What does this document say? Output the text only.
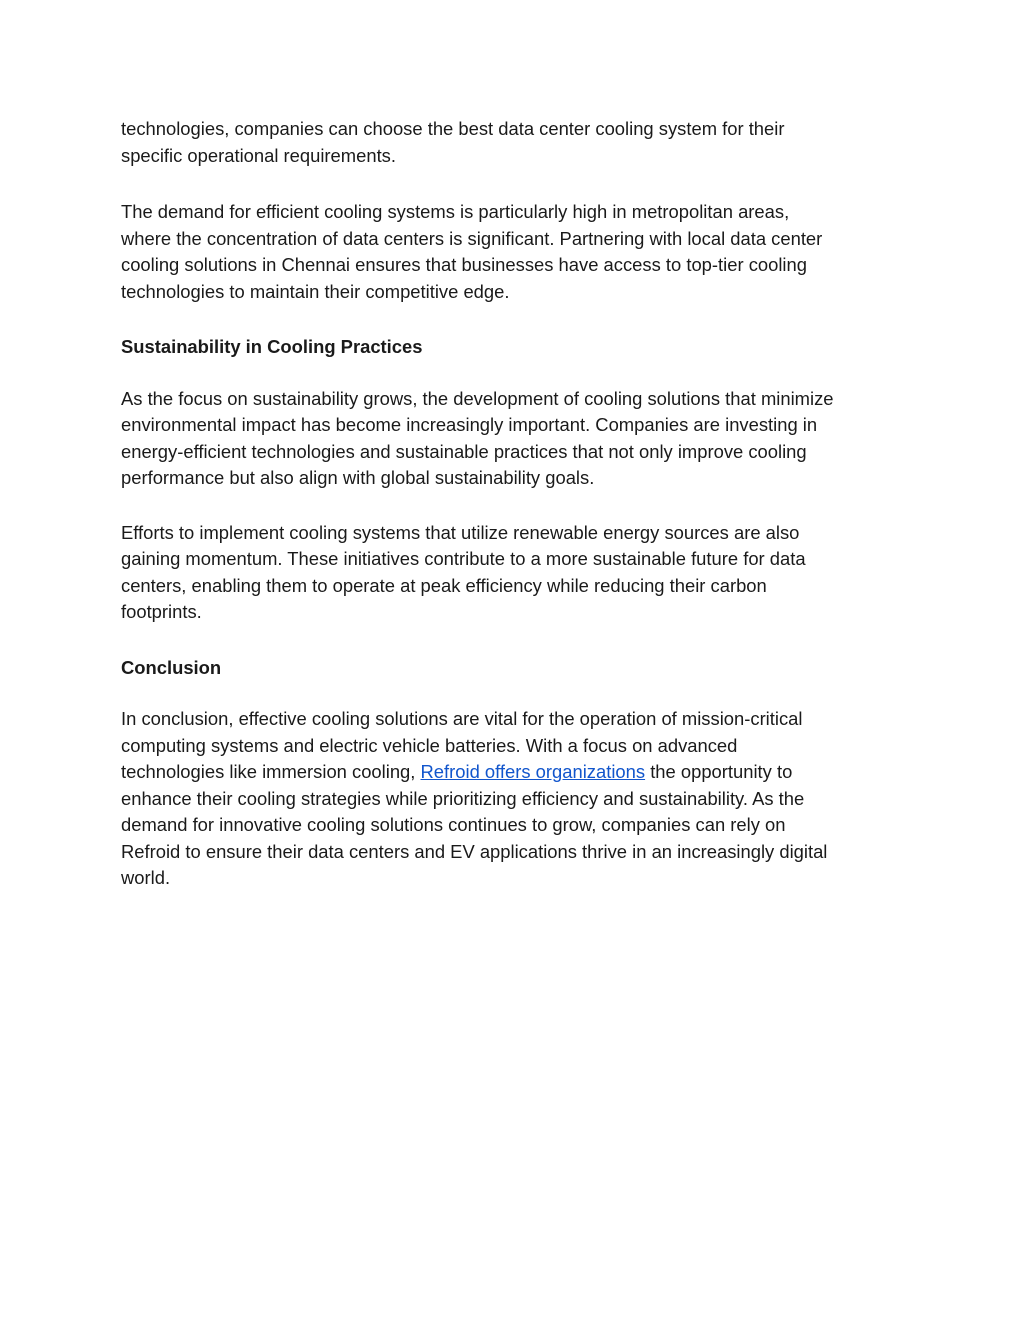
technologies, companies can choose the best data center cooling system for their
specific operational requirements.

The demand for efficient cooling systems is particularly high in metropolitan areas,
where the concentration of data centers is significant. Partnering with local data center
cooling solutions in Chennai ensures that businesses have access to top-tier cooling
technologies to maintain their competitive edge.

Sustainability in Cooling Practices

As the focus on sustainability grows, the development of cooling solutions that minimize
environmental impact has become increasingly important. Companies are investing in
energy-efficient technologies and sustainable practices that not only improve cooling
performance but also align with global sustainability goals.

Efforts to implement cooling systems that utilize renewable energy sources are also
gaining momentum. These initiatives contribute to a more sustainable future for data
centers, enabling them to operate at peak efficiency while reducing their carbon
footprints.

Conclusion

In conclusion, effective cooling solutions are vital for the operation of mission-critical
computing systems and electric vehicle batteries. With a focus on advanced
technologies like immersion cooling, Refroid offers organizations the opportunity to
enhance their cooling strategies while prioritizing efficiency and sustainability. As the
demand for innovative cooling solutions continues to grow, companies can rely on
Refroid to ensure their data centers and EV applications thrive in an increasingly digital
world.
